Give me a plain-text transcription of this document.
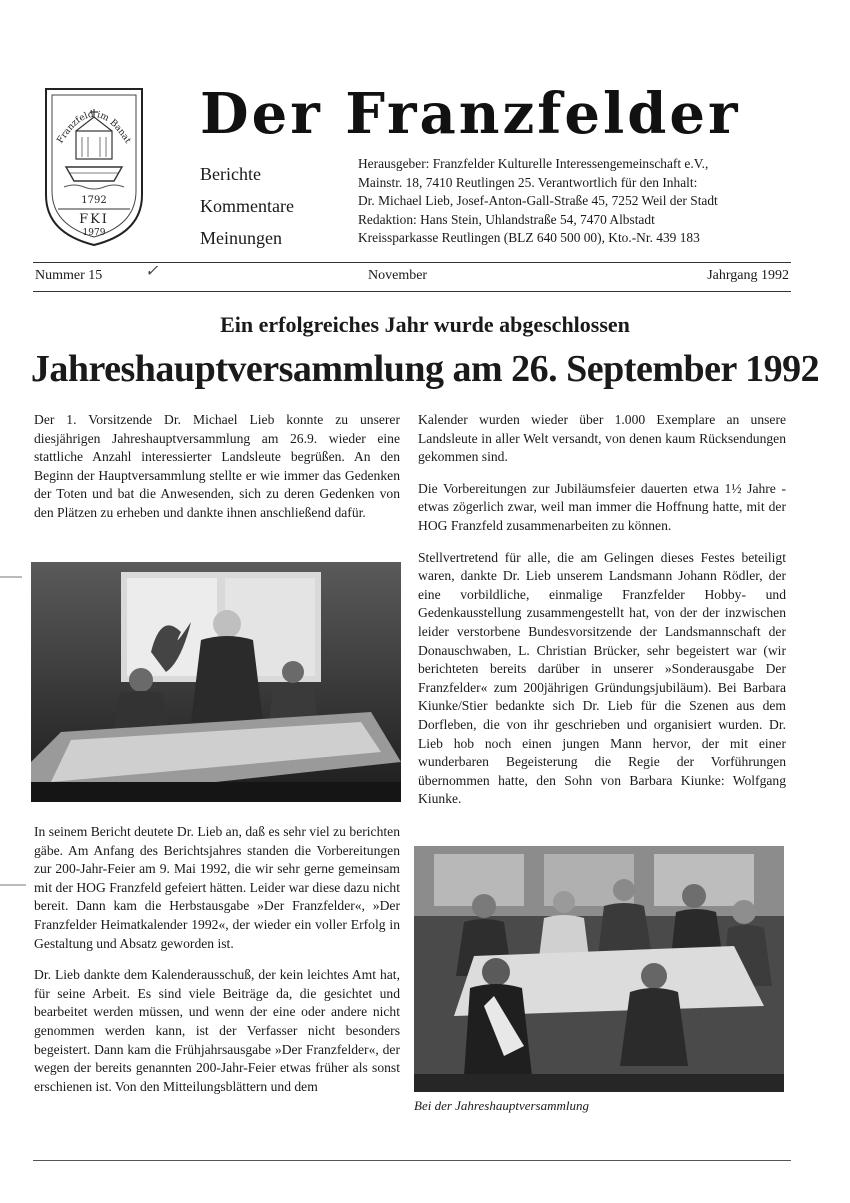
Franzfeld im Banat
1792
FKI
1979
Der Franzfelder
Berichte
Kommentare
Meinungen
Herausgeber: Franzfelder Kulturelle Interessengemeinschaft e.V.,
Mainstr. 18, 7410 Reutlingen 25. Verantwortlich für den Inhalt:
Dr. Michael Lieb, Josef-Anton-Gall-Straße 45, 7252 Weil der Stadt
Redaktion: Hans Stein, Uhlandstraße 54, 7470 Albstadt
Kreissparkasse Reutlingen (BLZ 640 500 00), Kto.-Nr. 439 183
Nummer 15	✓	November	Jahrgang 1992
Ein erfolgreiches Jahr wurde abgeschlossen
Jahreshauptversammlung am 26. September 1992

Der 1. Vorsitzende Dr. Michael Lieb konnte zu unserer diesjährigen Jahreshauptversammlung am 26.9. wieder eine stattliche Anzahl interessierter Landsleute begrüßen. An den Beginn der Hauptversammlung stellte er wie immer das Gedenken der Toten und bat die Anwesenden, sich zu deren Gedenken von den Plätzen zu erheben und dankte ihnen anschließend dafür.

In seinem Bericht deutete Dr. Lieb an, daß es sehr viel zu berichten gäbe. Am Anfang des Berichtsjahres standen die Vorbereitungen zur 200-Jahr-Feier am 9. Mai 1992, die wir sehr gerne gemeinsam mit der HOG Franzfeld gefeiert hätten. Leider war diese dazu nicht bereit. Dann kam die Herbstausgabe »Der Franzfelder«, »Der Franzfelder Heimatkalender 1992«, der wieder ein voller Erfolg in Gestaltung und Absatz geworden ist.

Dr. Lieb dankte dem Kalenderausschuß, der kein leichtes Amt hat, für seine Arbeit. Es sind viele Beiträge da, die gesichtet und bearbeitet werden müssen, und wenn der eine oder andere nicht genommen werden kann, ist der Verfasser nicht besonders begeistert. Dann kam die Frühjahrsausgabe »Der Franzfelder«, der wegen der bereits genannten 200-Jahr-Feier etwas früher als sonst erschienen ist. Von den Mitteilungsblättern und dem

Kalender wurden wieder über 1.000 Exemplare an unsere Landsleute in aller Welt versandt, von denen kaum Rücksendungen gekommen sind.

Die Vorbereitungen zur Jubiläumsfeier dauerten etwa 1½ Jahre - etwas zögerlich zwar, weil man immer die Hoffnung hatte, mit der HOG Franzfeld zusammenarbeiten zu können.

Stellvertretend für alle, die am Gelingen dieses Festes beteiligt waren, dankte Dr. Lieb unserem Landsmann Johann Rödler, der eine vorbildliche, einmalige Franzfelder Hobby- und Gedenkausstellung zusammengestellt hat, von der der inzwischen leider verstorbene Bundesvorsitzende der Landsmannschaft der Donauschwaben, L. Christian Brücker, sehr begeistert war (wir berichteten bereits darüber in unserer »Sonderausgabe Der Franzfelder« zum 200jährigen Gründungsjubiläum). Bei Barbara Kiunke/Stier bedankte sich Dr. Lieb für die Szenen aus dem Dorfleben, die von ihr geschrieben und organisiert wurden. Dr. Lieb hob noch einen jungen Mann hervor, der mit einer wunderbaren Begeisterung die Regie der Vorführungen übernommen hatte, den Sohn von Barbara Kiunke: Wolfgang Kiunke.

Bei der Jahreshauptversammlung
